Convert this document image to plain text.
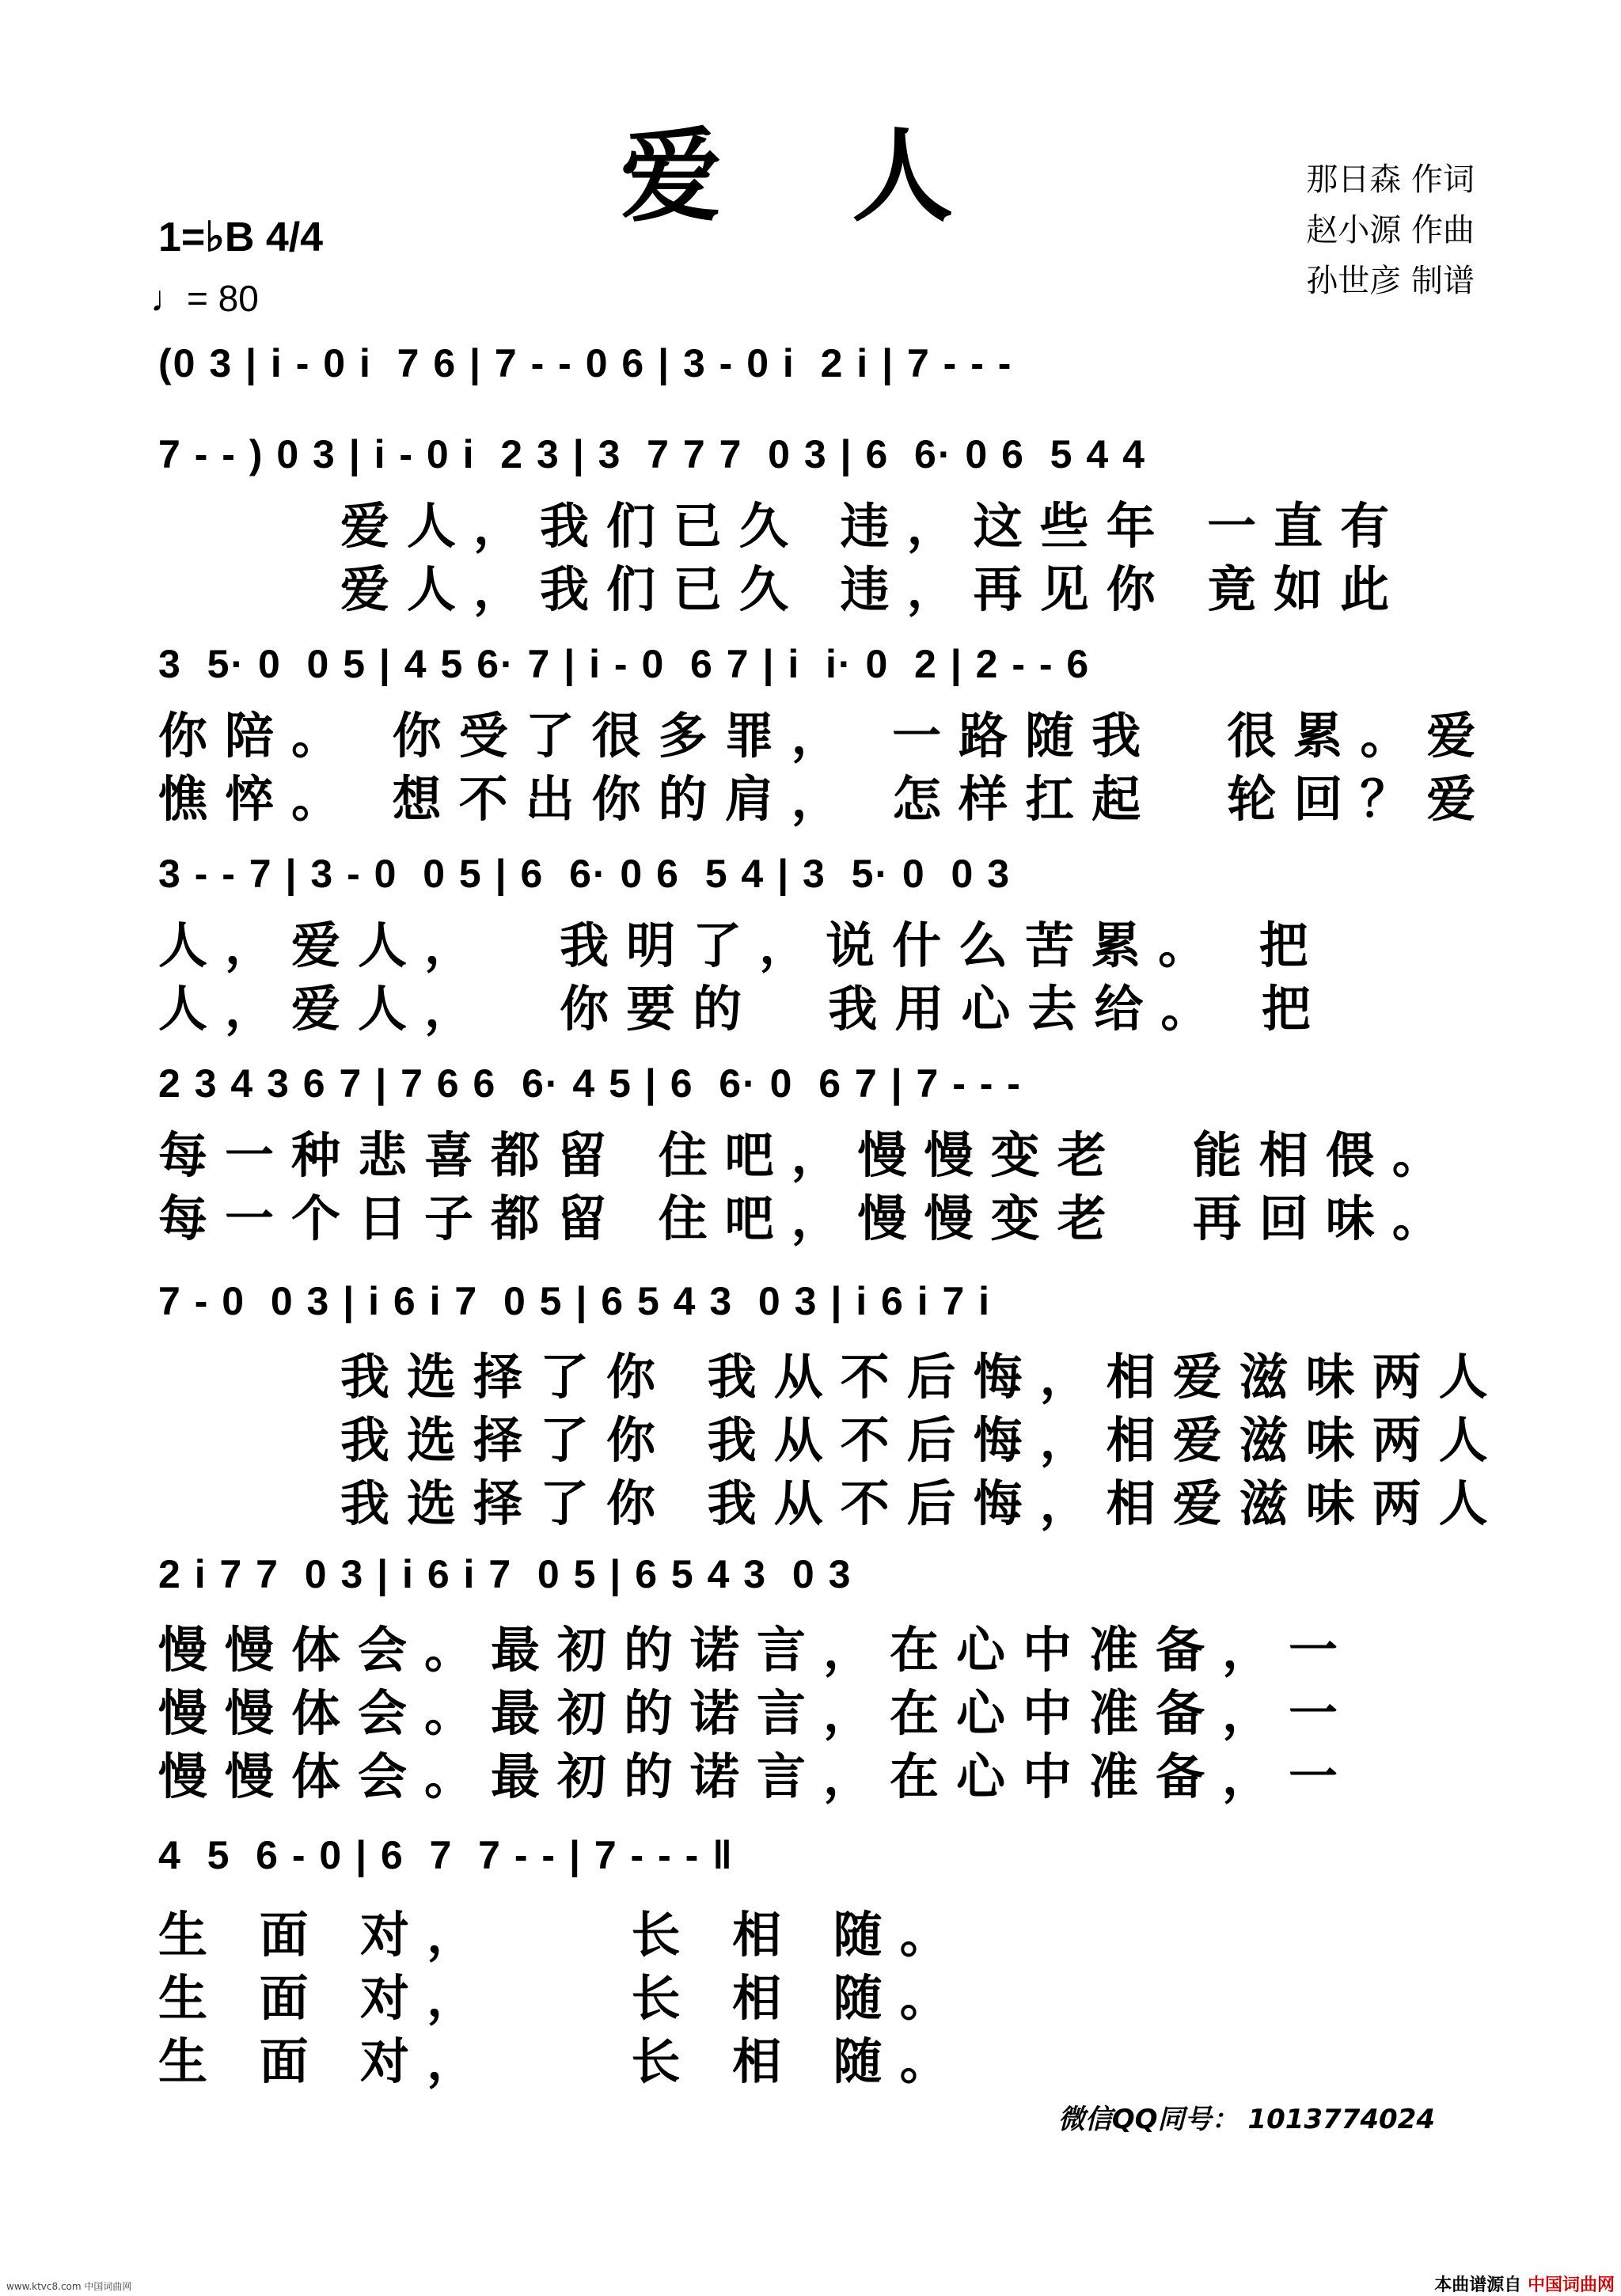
爱 人	那日森 作词
赵小源 作曲
孙世彦 制谱
1=♭B 4/4
♩= 80
(0 3 | i - 0 i  7 6 | 7 - - 0 6 | 3 - 0 i  2 i | 7 - - -
7 - - ) 0 3 | i - 0 i  2 3 | 3  7 7 7  0 3 | 6  6· 0 6  5 4 4
爱人，我们已久 违，这些年 一直有
爱人，我们已久 违，再见你 竟如此
3  5· 0  0 5 | 4 5 6· 7 | i - 0  6 7 | i  i· 0  2 | 2 - - 6
你陪。 你受了很多罪， 一路随我  很累。爱
憔悴。 想不出你的肩， 怎样扛起  轮回？爱
3 - - 7 | 3 - 0  0 5 | 6  6· 0 6  5 4 | 3  5· 0  0 3
人，爱人，  我明了，说什么苦累。 把
人，爱人，  你要的  我用心去给。 把
2 3 4 3 6 7 | 7 6 6  6· 4 5 | 6  6· 0  6 7 | 7 - - -
每一种悲喜都留 住吧，慢慢变老  能相偎。
每一个日子都留 住吧，慢慢变老  再回味。
7 - 0  0 3 | i 6 i 7  0 5 | 6 5 4 3  0 3 | i 6 i 7 i
我选择了你 我从不后悔，相爱滋味两人
我选择了你 我从不后悔，相爱滋味两人
我选择了你 我从不后悔，相爱滋味两人
2 i 7 7  0 3 | i 6 i 7  0 5 | 6 5 4 3  0 3
慢慢体会。最初的诺言，在心中准备，一
慢慢体会。最初的诺言，在心中准备，一
慢慢体会。最初的诺言，在心中准备，一
4  5  6 - 0 | 6  7  7 - - | 7 - - - ‖
生 面 对，    长 相 随。
生 面 对，    长 相 随。
生 面 对，    长 相 随。
微信QQ同号： 1013774024
www.ktvc8.com 中国词曲网	本曲谱源自 中国词曲网
